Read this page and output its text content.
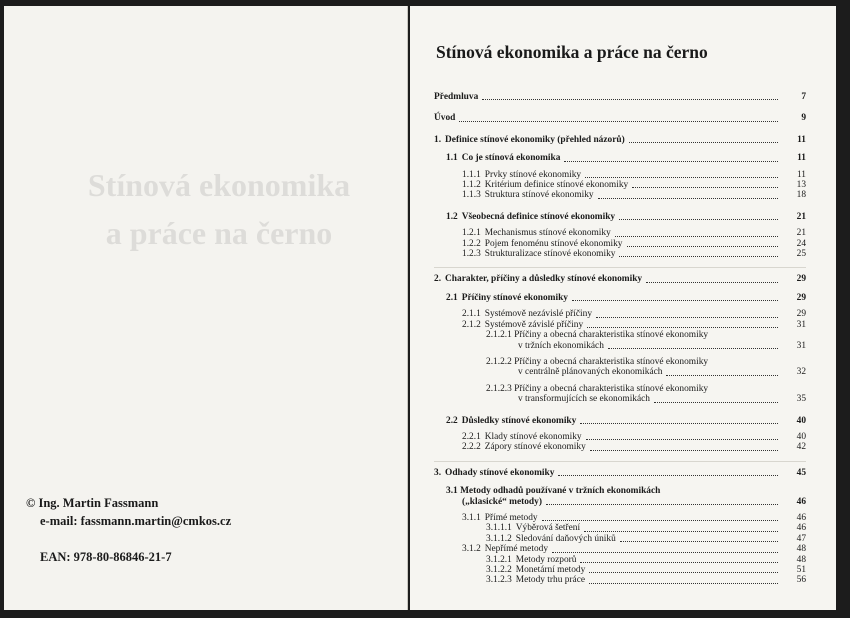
Stínová ekonomika
a práce na černo
© Ing. Martin Fassmann
e-mail: fassmann.martin@cmkos.cz
EAN: 978-80-86846-21-7
Stínová ekonomika a práce na černo
Předmluva	7
Úvod	9
1. Definice stínové ekonomiky (přehled názorů)	11
1.1 Co je stínová ekonomika	11
1.1.1 Prvky stínové ekonomiky	11
1.1.2 Kritérium definice stínové ekonomiky	13
1.1.3 Struktura stínové ekonomiky	18
1.2 Všeobecná definice stínové ekonomiky	21
1.2.1 Mechanismus stínové ekonomiky	21
1.2.2 Pojem fenoménu stínové ekonomiky	24
1.2.3 Strukturalizace stínové ekonomiky	25
2. Charakter, příčiny a důsledky stínové ekonomiky	29
2.1 Příčiny stínové ekonomiky	29
2.1.1 Systémově nezávislé příčiny	29
2.1.2 Systémově závislé příčiny	31
2.1.2.1 Příčiny a obecná charakteristika stínové ekonomiky
v tržních ekonomikách	31
2.1.2.2 Příčiny a obecná charakteristika stínové ekonomiky
v centrálně plánovaných ekonomikách	32
2.1.2.3 Příčiny a obecná charakteristika stínové ekonomiky
v transformujících se ekonomikách	35
2.2 Důsledky stínové ekonomiky	40
2.2.1 Klady stínové ekonomiky	40
2.2.2 Zápory stínové ekonomiky	42
3. Odhady stínové ekonomiky	45
3.1 Metody odhadů používané v tržních ekonomikách
(„klasické“ metody)	46
3.1.1 Přímé metody	46
3.1.1.1 Výběrová šetření	46
3.1.1.2 Sledování daňových úniků	47
3.1.2 Nepřímé metody	48
3.1.2.1 Metody rozporů	48
3.1.2.2 Monetární metody	51
3.1.2.3 Metody trhu práce	56
